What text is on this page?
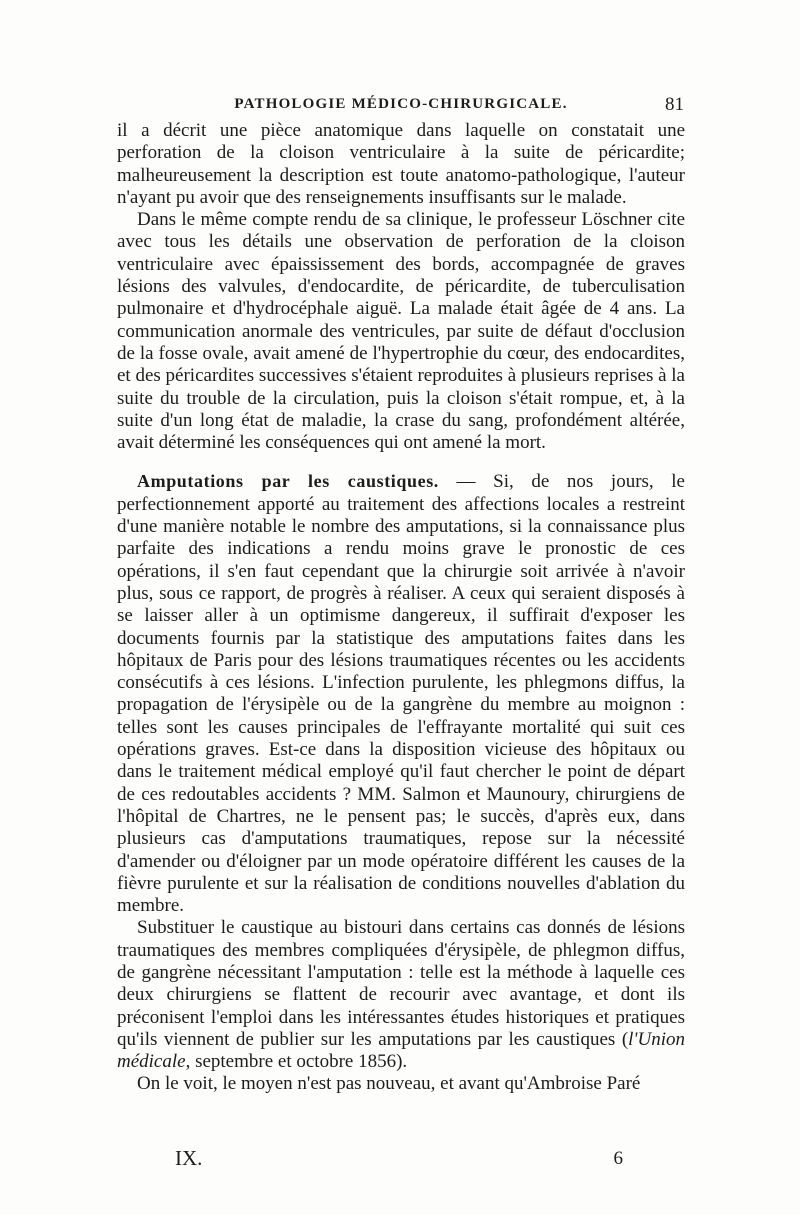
PATHOLOGIE MÉDICO-CHIRURGICALE.	81

il a décrit une pièce anatomique dans laquelle on constatait une perforation de la cloison ventriculaire à la suite de péricardite; malheureusement la description est toute anatomo-pathologique, l'auteur n'ayant pu avoir que des renseignements insuffisants sur le malade.

Dans le même compte rendu de sa clinique, le professeur Löschner cite avec tous les détails une observation de perforation de la cloison ventriculaire avec épaississement des bords, accompagnée de graves lésions des valvules, d'endocardite, de péricardite, de tuberculisation pulmonaire et d'hydrocéphale aiguë. La malade était âgée de 4 ans. La communication anormale des ventricules, par suite de défaut d'occlusion de la fosse ovale, avait amené de l'hypertrophie du cœur, des endocardites, et des péricardites successives s'étaient reproduites à plusieurs reprises à la suite du trouble de la circulation, puis la cloison s'était rompue, et, à la suite d'un long état de maladie, la crase du sang, profondément altérée, avait déterminé les conséquences qui ont amené la mort.

Amputations par les caustiques. — Si, de nos jours, le perfectionnement apporté au traitement des affections locales a restreint d'une manière notable le nombre des amputations, si la connaissance plus parfaite des indications a rendu moins grave le pronostic de ces opérations, il s'en faut cependant que la chirurgie soit arrivée à n'avoir plus, sous ce rapport, de progrès à réaliser. A ceux qui seraient disposés à se laisser aller à un optimisme dangereux, il suffirait d'exposer les documents fournis par la statistique des amputations faites dans les hôpitaux de Paris pour des lésions traumatiques récentes ou les accidents consécutifs à ces lésions. L'infection purulente, les phlegmons diffus, la propagation de l'érysipèle ou de la gangrène du membre au moignon : telles sont les causes principales de l'effrayante mortalité qui suit ces opérations graves. Est-ce dans la disposition vicieuse des hôpitaux ou dans le traitement médical employé qu'il faut chercher le point de départ de ces redoutables accidents ? MM. Salmon et Maunoury, chirurgiens de l'hôpital de Chartres, ne le pensent pas; le succès, d'après eux, dans plusieurs cas d'amputations traumatiques, repose sur la nécessité d'amender ou d'éloigner par un mode opératoire différent les causes de la fièvre purulente et sur la réalisation de conditions nouvelles d'ablation du membre.

Substituer le caustique au bistouri dans certains cas donnés de lésions traumatiques des membres compliquées d'érysipèle, de phlegmon diffus, de gangrène nécessitant l'amputation : telle est la méthode à laquelle ces deux chirurgiens se flattent de recourir avec avantage, et dont ils préconisent l'emploi dans les intéressantes études historiques et pratiques qu'ils viennent de publier sur les amputations par les caustiques (l'Union médicale, septembre et octobre 1856).

On le voit, le moyen n'est pas nouveau, et avant qu'Ambroise Paré

IX.	6
